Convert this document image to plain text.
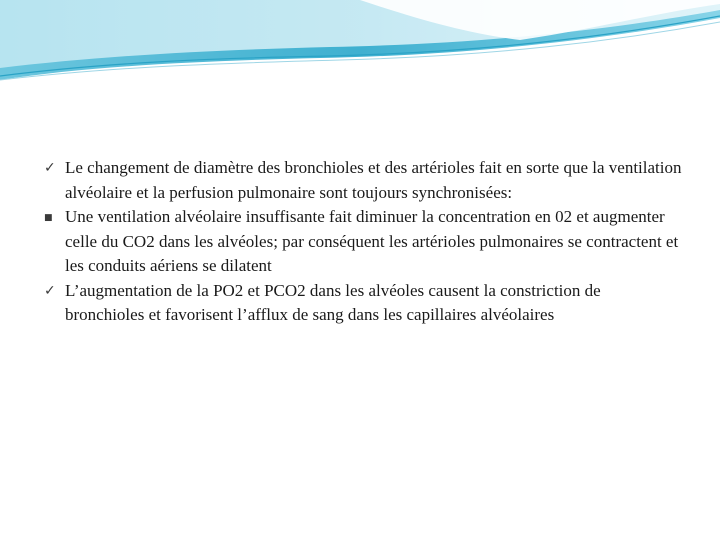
✓ Le changement de diamètre des bronchioles et des artérioles fait en sorte que la ventilation alvéolaire et la perfusion pulmonaire sont toujours synchronisées:
■ Une ventilation alvéolaire insuffisante fait diminuer la concentration en 02 et augmenter celle du CO2 dans les alvéoles; par conséquent les artérioles pulmonaires se contractent et les conduits aériens se dilatent
✓ L’augmentation de la PO2 et PCO2 dans les alvéoles causent la constriction de bronchioles et favorisent l’afflux de sang dans les capillaires alvéolaires
